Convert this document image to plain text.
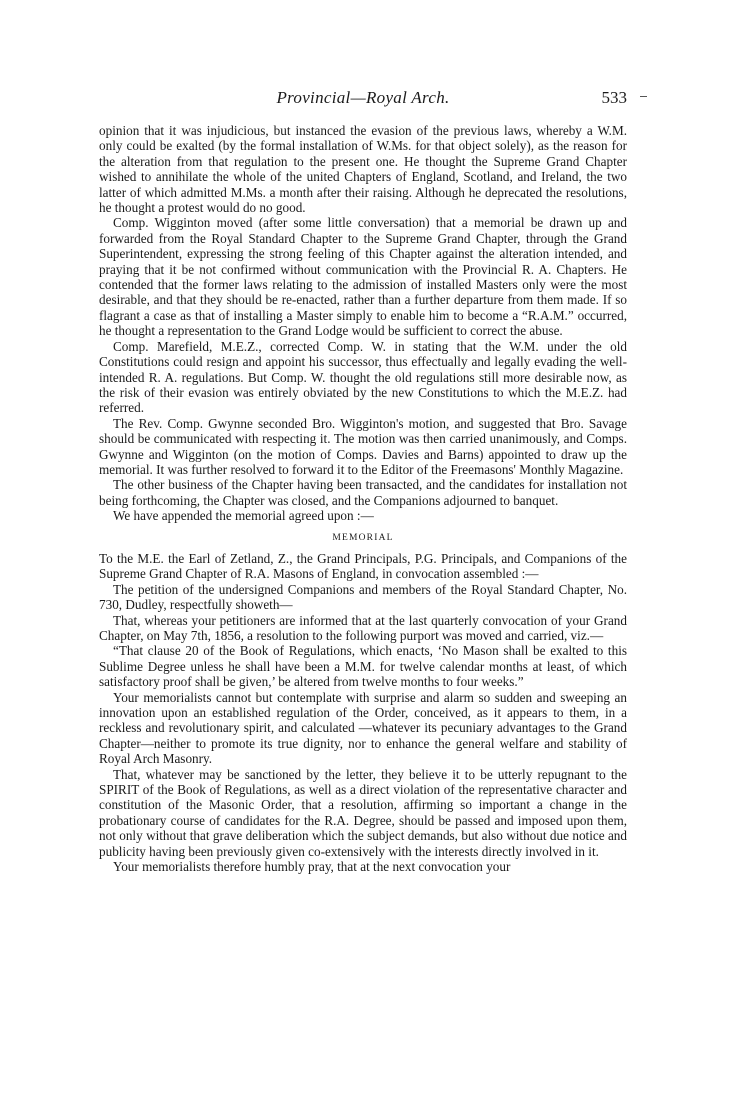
Provincial—Royal Arch.	533

opinion that it was injudicious, but instanced the evasion of the previous laws, whereby a W.M. only could be exalted (by the formal installation of W.Ms. for that object solely), as the reason for the alteration from that regulation to the present one. He thought the Supreme Grand Chapter wished to annihilate the whole of the united Chapters of England, Scotland, and Ireland, the two latter of which admitted M.Ms. a month after their raising. Although he deprecated the resolutions, he thought a protest would do no good.

Comp. Wigginton moved (after some little conversation) that a memorial be drawn up and forwarded from the Royal Standard Chapter to the Supreme Grand Chapter, through the Grand Superintendent, expressing the strong feeling of this Chapter against the alteration intended, and praying that it be not confirmed without communication with the Provincial R. A. Chapters. He contended that the former laws relating to the admission of installed Masters only were the most desirable, and that they should be re-enacted, rather than a further departure from them made. If so flagrant a case as that of installing a Master simply to enable him to become a “R.A.M.” occurred, he thought a representation to the Grand Lodge would be sufficient to correct the abuse.

Comp. Marefield, M.E.Z., corrected Comp. W. in stating that the W.M. under the old Constitutions could resign and appoint his successor, thus effectually and legally evading the well-intended R. A. regulations. But Comp. W. thought the old regulations still more desirable now, as the risk of their evasion was entirely obviated by the new Constitutions to which the M.E.Z. had referred.

The Rev. Comp. Gwynne seconded Bro. Wigginton's motion, and suggested that Bro. Savage should be communicated with respecting it. The motion was then carried unanimously, and Comps. Gwynne and Wigginton (on the motion of Comps. Davies and Barns) appointed to draw up the memorial. It was further resolved to forward it to the Editor of the Freemasons' Monthly Magazine.

The other business of the Chapter having been transacted, and the candidates for installation not being forthcoming, the Chapter was closed, and the Companions adjourned to banquet.

We have appended the memorial agreed upon :—

MEMORIAL

To the M.E. the Earl of Zetland, Z., the Grand Principals, P.G. Principals, and Companions of the Supreme Grand Chapter of R.A. Masons of England, in convocation assembled :—

The petition of the undersigned Companions and members of the Royal Standard Chapter, No. 730, Dudley, respectfully showeth—

That, whereas your petitioners are informed that at the last quarterly convocation of your Grand Chapter, on May 7th, 1856, a resolution to the following purport was moved and carried, viz.—

“That clause 20 of the Book of Regulations, which enacts, ‘No Mason shall be exalted to this Sublime Degree unless he shall have been a M.M. for twelve calendar months at least, of which satisfactory proof shall be given,’ be altered from twelve months to four weeks.”

Your memorialists cannot but contemplate with surprise and alarm so sudden and sweeping an innovation upon an established regulation of the Order, conceived, as it appears to them, in a reckless and revolutionary spirit, and calculated —whatever its pecuniary advantages to the Grand Chapter—neither to promote its true dignity, nor to enhance the general welfare and stability of Royal Arch Masonry.

That, whatever may be sanctioned by the letter, they believe it to be utterly repugnant to the SPIRIT of the Book of Regulations, as well as a direct violation of the representative character and constitution of the Masonic Order, that a resolution, affirming so important a change in the probationary course of candidates for the R.A. Degree, should be passed and imposed upon them, not only without that grave deliberation which the subject demands, but also without due notice and publicity having been previously given co-extensively with the interests directly involved in it.

Your memorialists therefore humbly pray, that at the next convocation your
